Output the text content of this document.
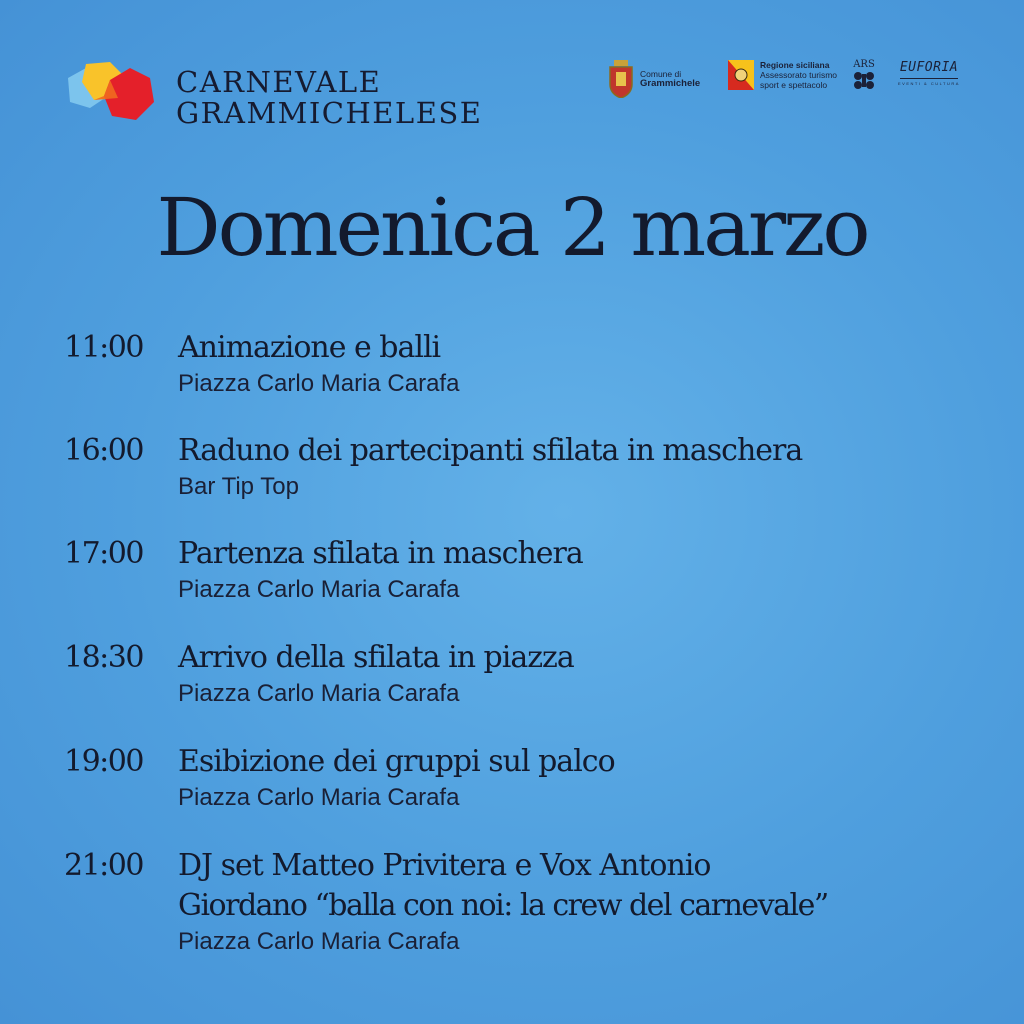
CARNEVALE
GRAMMICHELESE
Comune di
Grammichele
Regione siciliana
Assessorato turismo
sport e spettacolo
ARS EUFORIA
EVENTI & CULTURA
Domenica 2 marzo
11:00	Animazione e balli
Piazza Carlo Maria Carafa
16:00	Raduno dei partecipanti sfilata in maschera
Bar Tip Top
17:00	Partenza sfilata in maschera
Piazza Carlo Maria Carafa
18:30	Arrivo della sfilata in piazza
Piazza Carlo Maria Carafa
19:00	Esibizione dei gruppi sul palco
Piazza Carlo Maria Carafa
21:00	DJ set Matteo Privitera e Vox Antonio
Giordano “balla con noi: la crew del carnevale”
Piazza Carlo Maria Carafa
